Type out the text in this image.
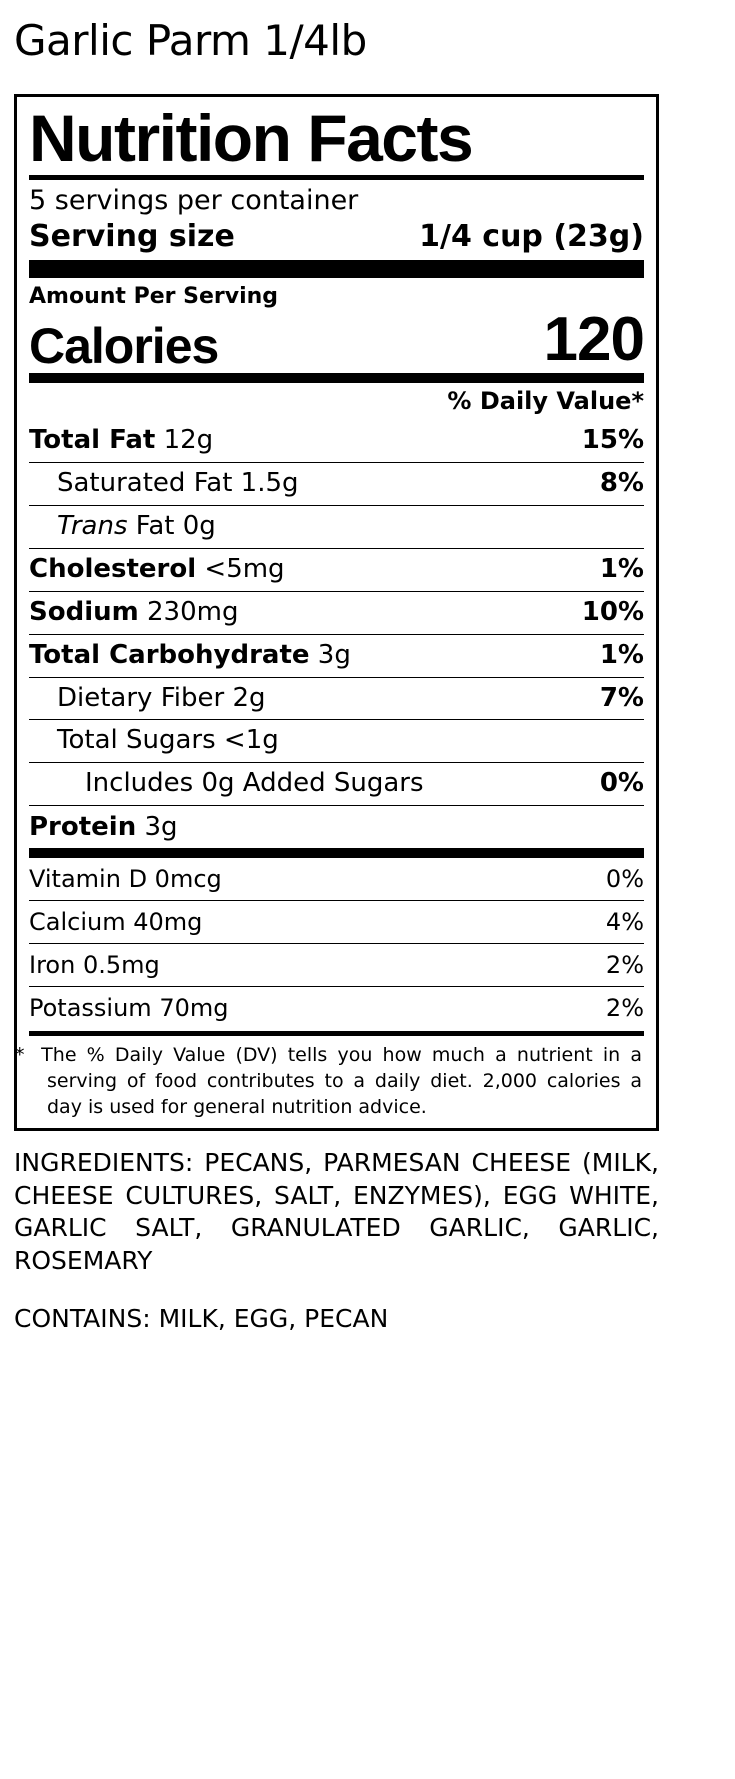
Garlic Parm 1/4lb
Nutrition Facts
5 servings per container
Serving size	1/4 cup (23g)
Amount Per Serving
Calories	120
% Daily Value*
Total Fat 12g	15%
Saturated Fat 1.5g	8%
Trans Fat 0g
Cholesterol <5mg	1%
Sodium 230mg	10%
Total Carbohydrate 3g	1%
Dietary Fiber 2g	7%
Total Sugars <1g
Includes 0g Added Sugars	0%
Protein 3g
Vitamin D 0mcg	0%
Calcium 40mg	4%
Iron 0.5mg	2%
Potassium 70mg	2%
* The % Daily Value (DV) tells you how much a nutrient in a serving of food contributes to a daily diet. 2,000 calories a day is used for general nutrition advice.
INGREDIENTS: PECANS, PARMESAN CHEESE (MILK, CHEESE CULTURES, SALT, ENZYMES), EGG WHITE, GARLIC SALT, GRANULATED GARLIC, GARLIC, ROSEMARY
CONTAINS: MILK, EGG, PECAN
